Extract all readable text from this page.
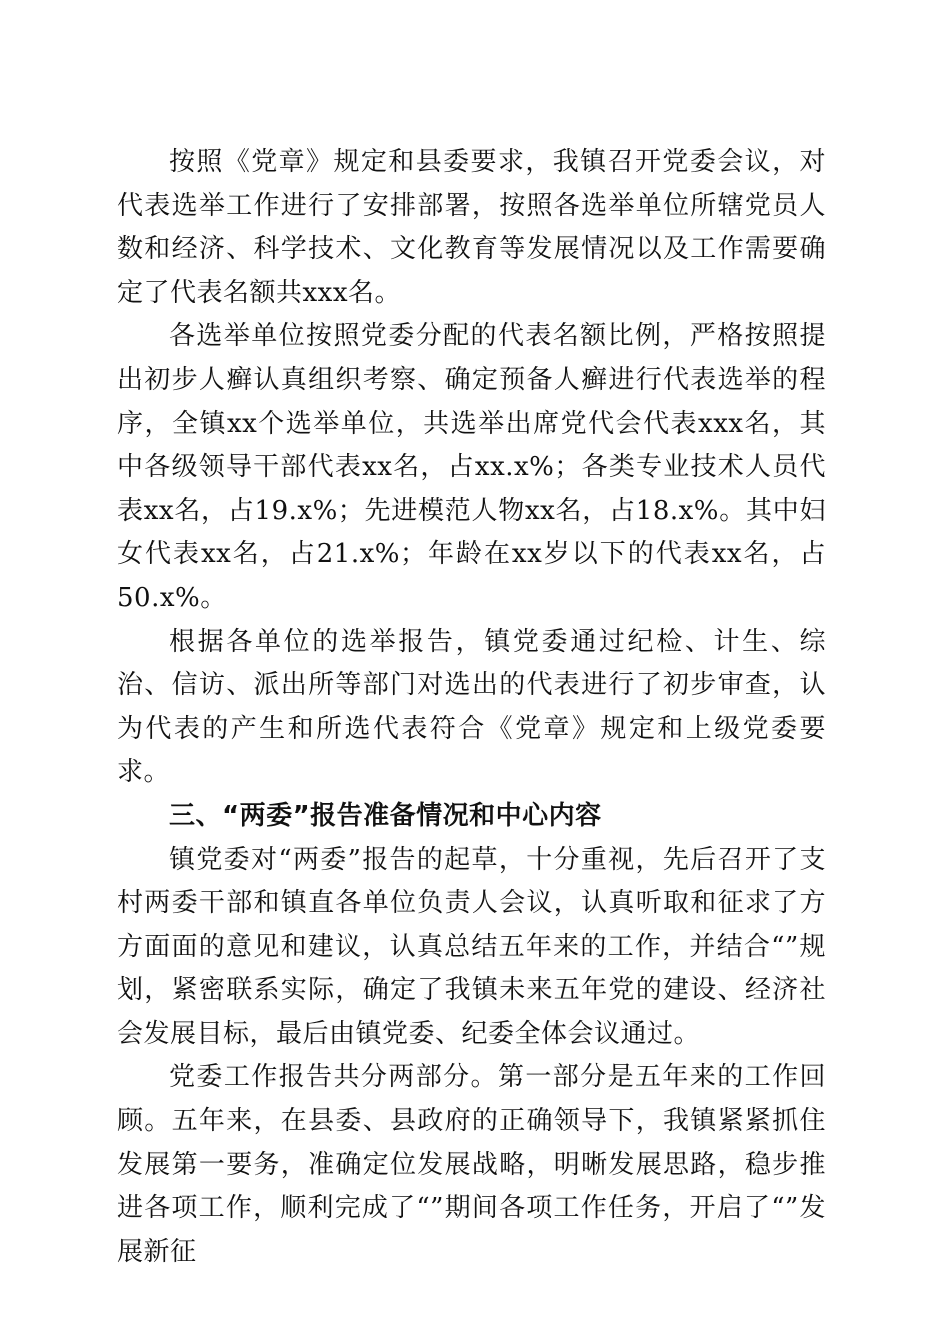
按照《党章》规定和县委要求，我镇召开党委会议，对代表选举工作进行了安排部署，按照各选举单位所辖党员人数和经济、科学技术、文化教育等发展情况以及工作需要确定了代表名额共xxx名。

各选举单位按照党委分配的代表名额比例，严格按照提出初步人癣认真组织考察、确定预备人癣进行代表选举的程序，全镇xx个选举单位，共选举出席党代会代表xxx名，其中各级领导干部代表xx名，占xx.x%；各类专业技术人员代表xx名，占19.x%；先进模范人物xx名，占18.x%。其中妇女代表xx名，占21.x%；年龄在xx岁以下的代表xx名，占50.x%。

根据各单位的选举报告，镇党委通过纪检、计生、综治、信访、派出所等部门对选出的代表进行了初步审查，认为代表的产生和所选代表符合《党章》规定和上级党委要求。

三、“两委”报告准备情况和中心内容

镇党委对“两委”报告的起草，十分重视，先后召开了支村两委干部和镇直各单位负责人会议，认真听取和征求了方方面面的意见和建议，认真总结五年来的工作，并结合“”规划，紧密联系实际，确定了我镇未来五年党的建设、经济社会发展目标，最后由镇党委、纪委全体会议通过。

党委工作报告共分两部分。第一部分是五年来的工作回顾。五年来，在县委、县政府的正确领导下，我镇紧紧抓住发展第一要务，准确定位发展战略，明晰发展思路，稳步推进各项工作，顺利完成了“”期间各项工作任务，开启了“”发展新征
